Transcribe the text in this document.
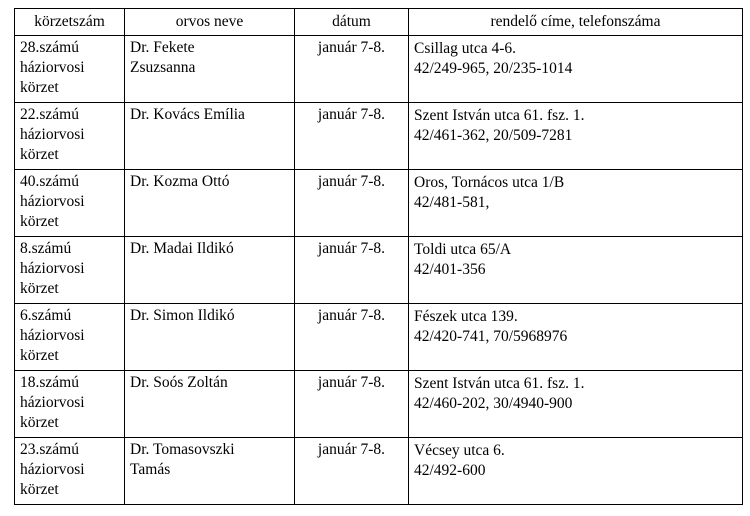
körzetszám	orvos neve	dátum	rendelő címe, telefonszáma

28.számú
háziorvosi
körzet	Dr. Fekete
Zsuzsanna	január 7-8.	Csillag utca 4-6.
42/249-965, 20/235-1014

22.számú
háziorvosi
körzet	Dr. Kovács Emília	január 7-8.	Szent István utca 61. fsz. 1.
42/461-362, 20/509-7281

40.számú
háziorvosi
körzet	Dr. Kozma Ottó	január 7-8.	Oros, Tornácos utca 1/B
42/481-581,

8.számú
háziorvosi
körzet	Dr. Madai Ildikó	január 7-8.	Toldi utca 65/A
42/401-356

6.számú
háziorvosi
körzet	Dr. Simon Ildikó	január 7-8.	Fészek utca 139.
42/420-741, 70/5968976

18.számú
háziorvosi
körzet	Dr. Soós Zoltán	január 7-8.	Szent István utca 61. fsz. 1.
42/460-202, 30/4940-900

23.számú
háziorvosi
körzet	Dr. Tomasovszki
Tamás	január 7-8.	Vécsey utca 6.
42/492-600
